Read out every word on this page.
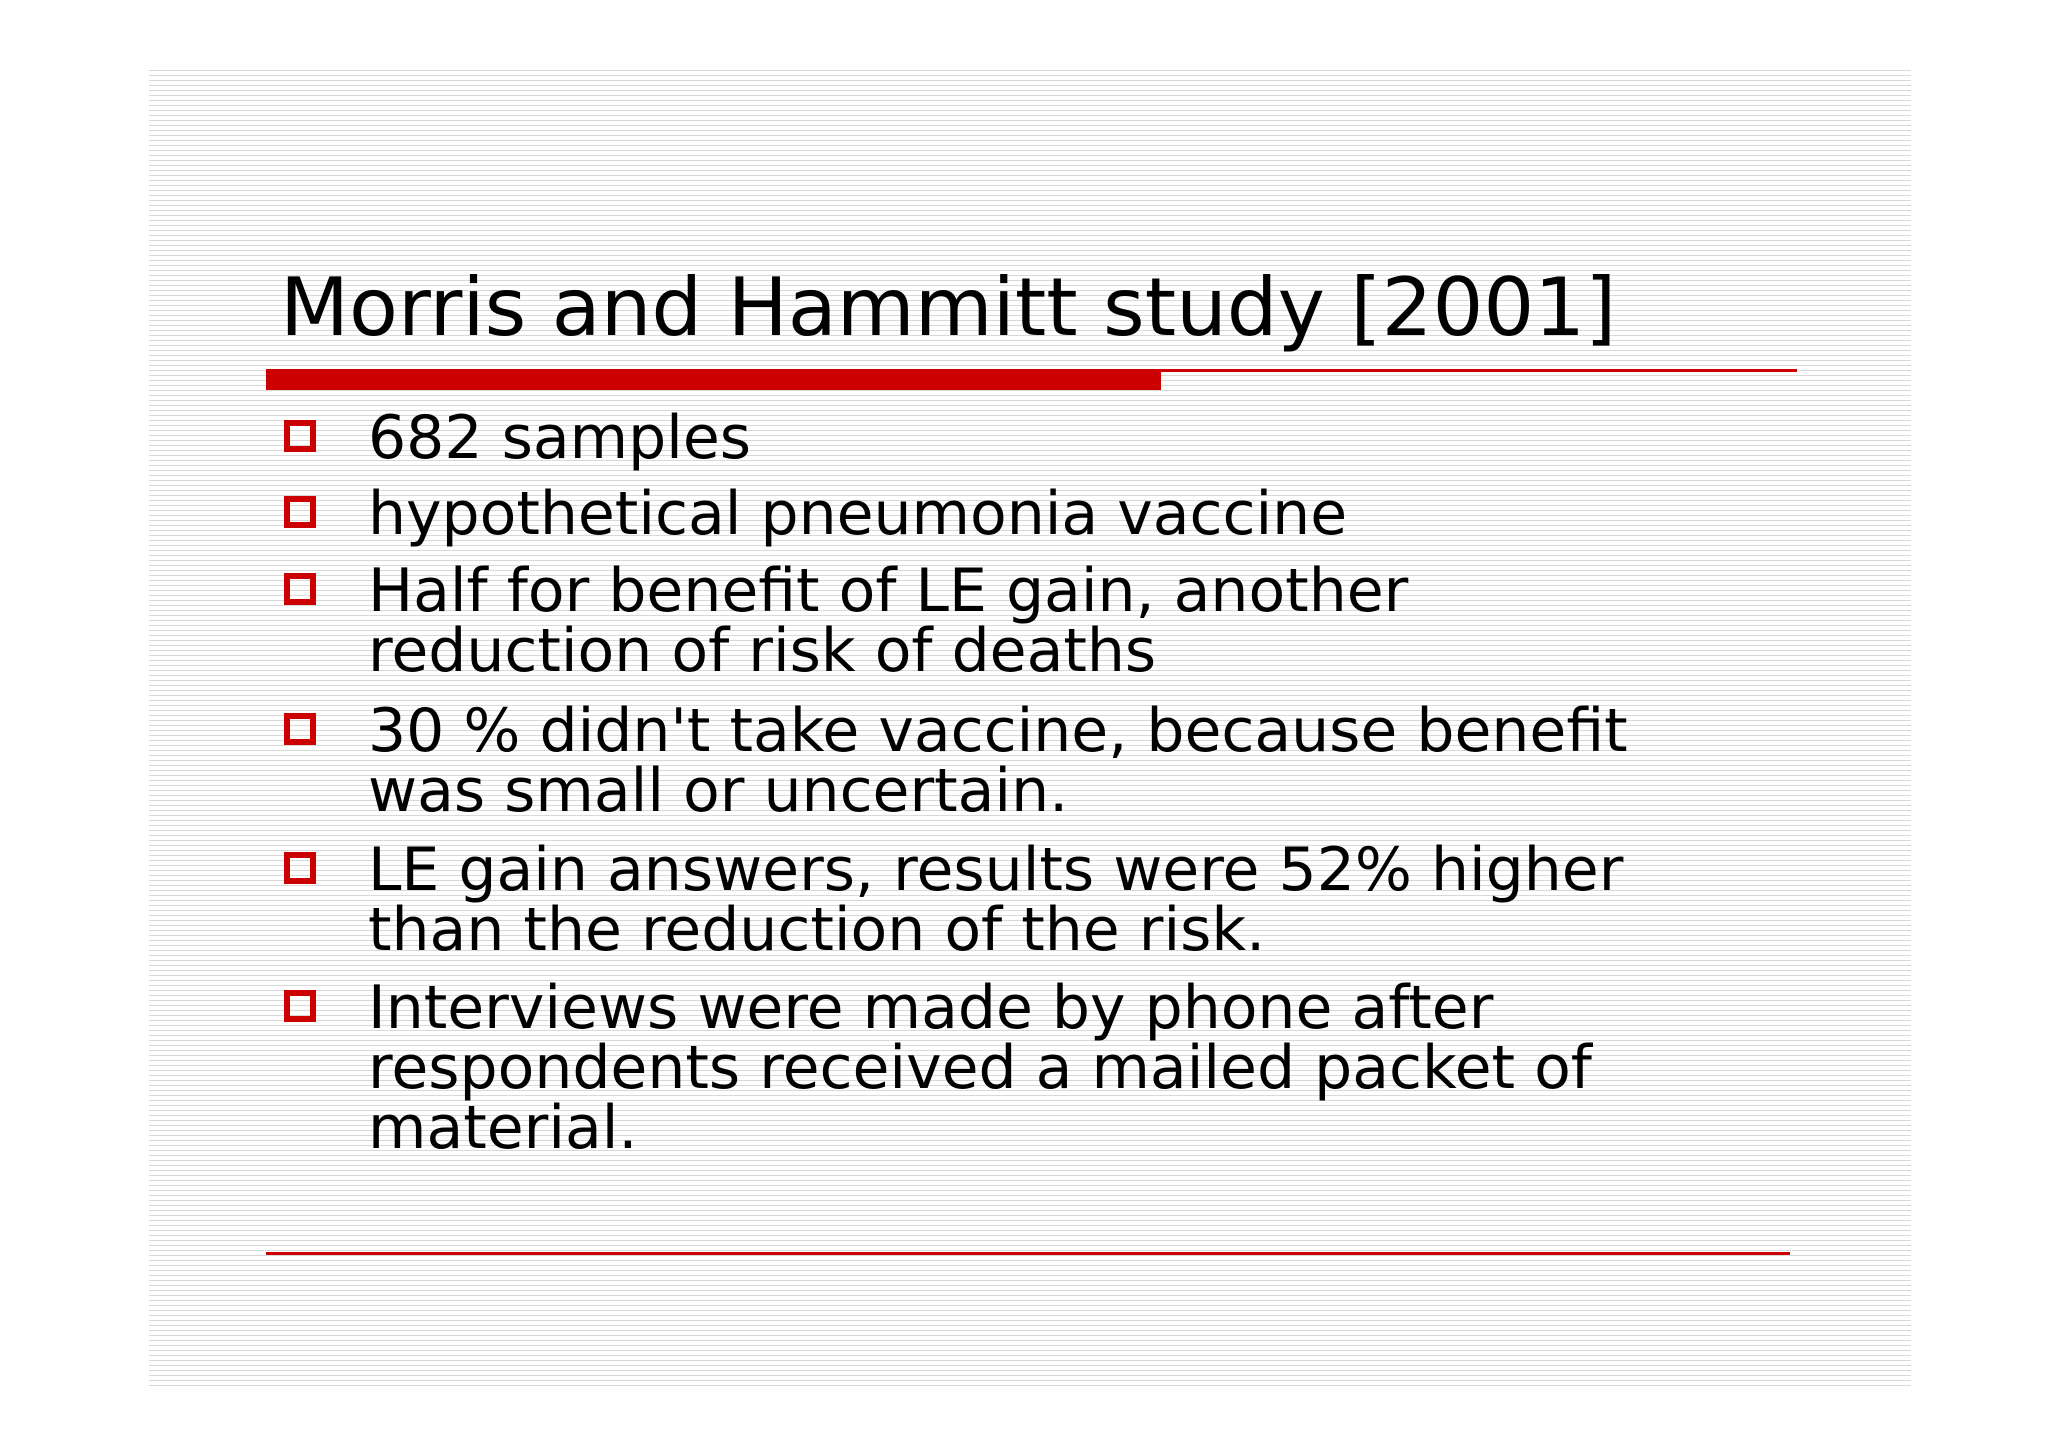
Morris and Hammitt study [2001]
682 samples
hypothetical pneumonia vaccine
Half for benefit of LE gain, another
reduction of risk of deaths
30 % didn't take vaccine, because benefit
was small or uncertain.
LE gain answers, results were 52% higher
than the reduction of the risk.
Interviews were made by phone after
respondents received a mailed packet of
material.
